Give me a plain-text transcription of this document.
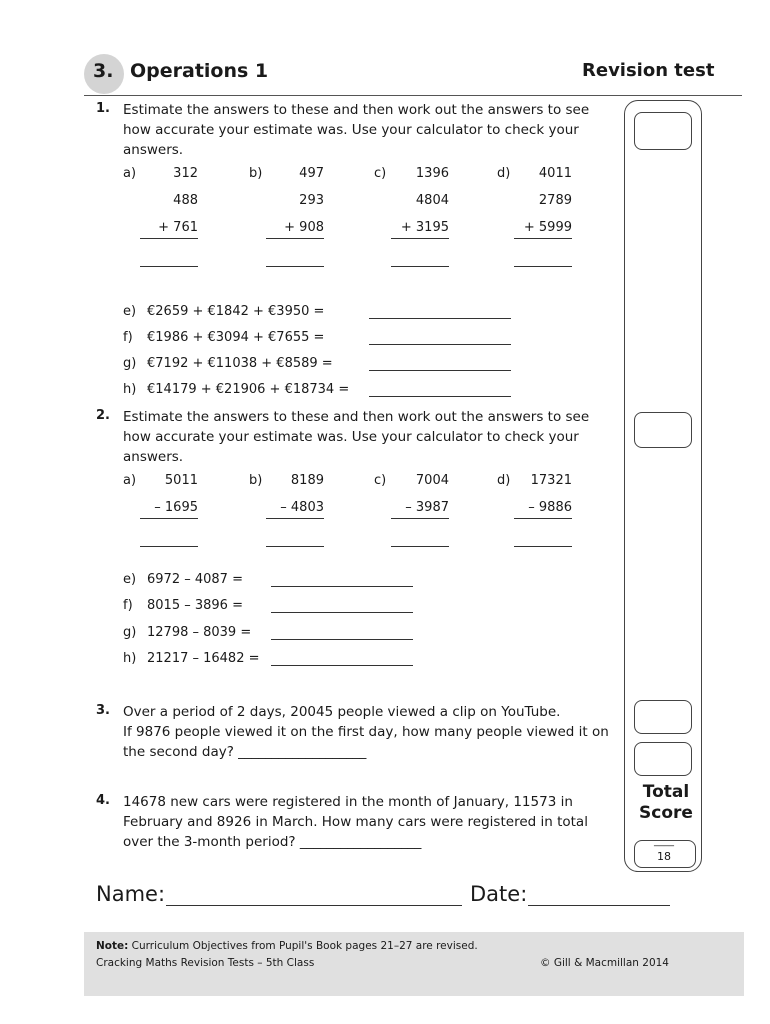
3. Operations 1	Revision test
Total
Score
____
18
1. Estimate the answers to these and then work out the answers to see
how accurate your estimate was. Use your calculator to check your
answers.
a)	312
488
+ 761
b)	497
293
+ 908
c)	1396
4804
+ 3195
d)	4011
2789
+ 5999
e) €2659 + €1842 + €3950 =
f) €1986 + €3094 + €7655 =
g) €7192 + €11038 + €8589 =
h) €14179 + €21906 + €18734 =
2. Estimate the answers to these and then work out the answers to see
how accurate your estimate was. Use your calculator to check your
answers.
a)	5011
– 1695
b)	8189
– 4803
c)	7004
– 3987
d)	17321
– 9886
e) 6972 – 4087 =
f) 8015 – 3896 =
g) 12798 – 8039 =
h) 21217 – 16482 =
3. Over a period of 2 days, 20045 people viewed a clip on YouTube.
If 9876 people viewed it on the first day, how many people viewed it on
the second day? ___________________
4. 14678 new cars were registered in the month of January, 11573 in
February and 8926 in March. How many cars were registered in total
over the 3-month period? __________________
Name:	Date:
Note: Curriculum Objectives from Pupil's Book pages 21–27 are revised.
Cracking Maths Revision Tests – 5th Class	© Gill & Macmillan 2014
